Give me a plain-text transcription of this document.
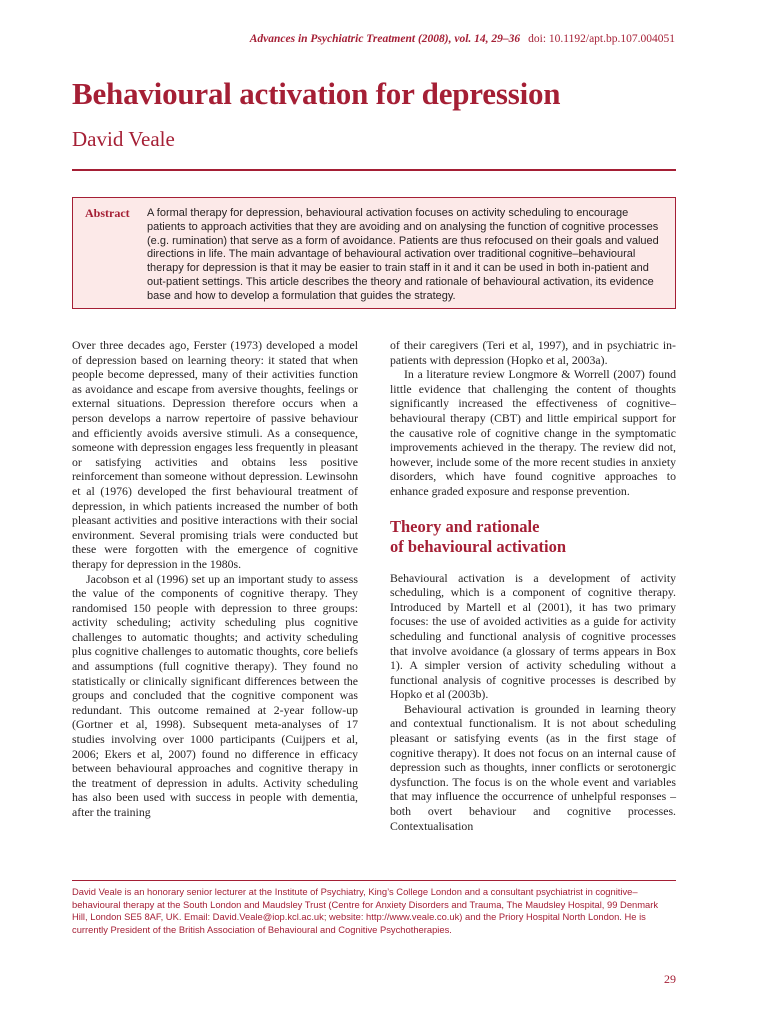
Advances in Psychiatric Treatment (2008), vol. 14, 29–36 doi: 10.1192/apt.bp.107.004051
Behavioural activation for depression
David Veale
Abstract	A formal therapy for depression, behavioural activation focuses on activity scheduling to encourage patients to approach activities that they are avoiding and on analysing the function of cognitive processes (e.g. rumination) that serve as a form of avoidance. Patients are thus refocused on their goals and valued directions in life. The main advantage of behavioural activation over traditional cognitive–behavioural therapy for depression is that it may be easier to train staff in it and it can be used in both in-patient and out-patient settings. This article describes the theory and rationale of behavioural activation, its evidence base and how to develop a formulation that guides the strategy.

Over three decades ago, Ferster (1973) developed a model of depression based on learning theory: it stated that when people become depressed, many of their activities function as avoidance and escape from aversive thoughts, feelings or external situations. Depression therefore occurs when a person develops a narrow repertoire of passive behaviour and efficiently avoids aversive stimuli. As a consequence, someone with depression engages less frequently in pleasant or satisfying activities and obtains less positive reinforcement than someone without depression. Lewinsohn et al (1976) developed the first behavioural treatment of depression, in which patients increased the number of both pleasant activities and positive interactions with their social environment. Several promising trials were conducted but these were forgotten with the emergence of cognitive therapy for depression in the 1980s.

Jacobson et al (1996) set up an important study to assess the value of the components of cognitive therapy. They randomised 150 people with depression to three groups: activity scheduling; activity scheduling plus cognitive challenges to automatic thoughts; and activity scheduling plus cognitive challenges to automatic thoughts, core beliefs and assumptions (full cognitive therapy). They found no statistically or clinically significant differences between the groups and concluded that the cognitive component was redundant. This outcome remained at 2-year follow-up (Gortner et al, 1998). Subsequent meta-analyses of 17 studies involving over 1000 participants (Cuijpers et al, 2006; Ekers et al, 2007) found no difference in efficacy between behavioural approaches and cognitive therapy in the treatment of depression in adults. Activity scheduling has also been used with success in people with dementia, after the training

of their caregivers (Teri et al, 1997), and in psychiatric in-patients with depression (Hopko et al, 2003a).

In a literature review Longmore & Worrell (2007) found little evidence that challenging the content of thoughts significantly increased the effectiveness of cognitive–behavioural therapy (CBT) and little empirical support for the causative role of cognitive change in the symptomatic improvements achieved in the therapy. The review did not, however, include some of the more recent studies in anxiety disorders, which have found cognitive approaches to enhance graded exposure and response prevention.

Theory and rationale
of behavioural activation

Behavioural activation is a development of activity scheduling, which is a component of cognitive therapy. Introduced by Martell et al (2001), it has two primary focuses: the use of avoided activities as a guide for activity scheduling and functional analysis of cognitive processes that involve avoidance (a glossary of terms appears in Box 1). A simpler version of activity scheduling without a functional analysis of cognitive processes is described by Hopko et al (2003b).

Behavioural activation is grounded in learning theory and contextual functionalism. It is not about scheduling pleasant or satisfying events (as in the first stage of cognitive therapy). It does not focus on an internal cause of depression such as thoughts, inner conflicts or serotonergic dysfunction. The focus is on the whole event and variables that may influence the occurrence of unhelpful responses – both overt behaviour and cognitive processes. Contextualisation

David Veale is an honorary senior lecturer at the Institute of Psychiatry, King’s College London and a consultant psychiatrist in cognitive–behavioural therapy at the South London and Maudsley Trust (Centre for Anxiety Disorders and Trauma, The Maudsley Hospital, 99 Denmark Hill, London SE5 8AF, UK. Email: David.Veale@iop.kcl.ac.uk; website: http://www.veale.co.uk) and the Priory Hospital North London. He is currently President of the British Association of Behavioural and Cognitive Psychotherapies.
29
